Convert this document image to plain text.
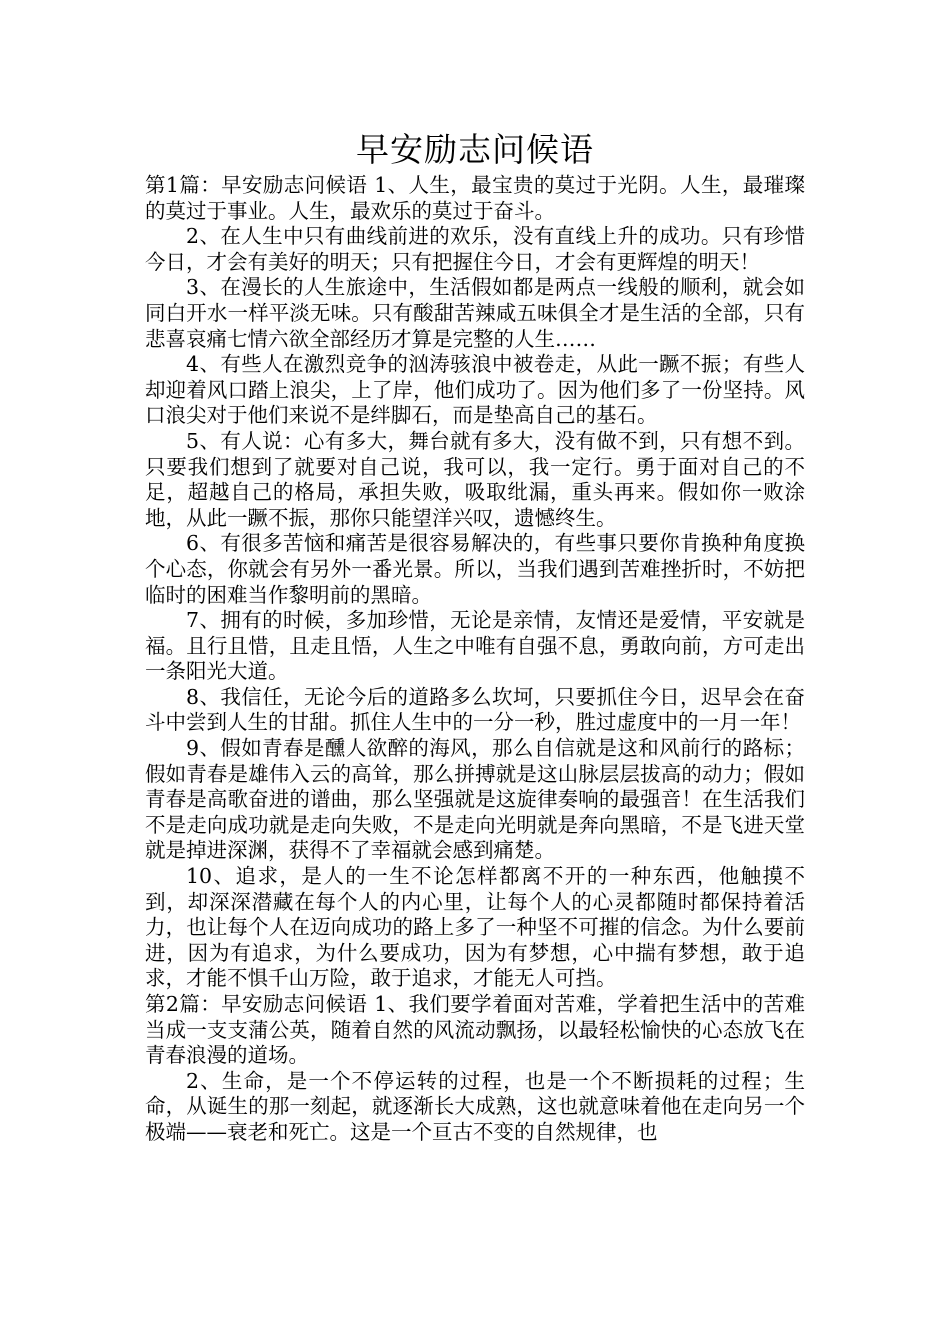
早安励志问候语

第1篇：早安励志问候语 1、人生，最宝贵的莫过于光阴。人生，最璀璨的莫过于事业。人生，最欢乐的莫过于奋斗。

2、在人生中只有曲线前进的欢乐，没有直线上升的成功。只有珍惜今日，才会有美好的明天；只有把握住今日，才会有更辉煌的明天！

3、在漫长的人生旅途中，生活假如都是两点一线般的顺利，就会如同白开水一样平淡无味。只有酸甜苦辣咸五味俱全才是生活的全部，只有悲喜哀痛七情六欲全部经历才算是完整的人生……

4、有些人在激烈竞争的汹涛骇浪中被卷走，从此一蹶不振；有些人却迎着风口踏上浪尖，上了岸，他们成功了。因为他们多了一份坚持。风口浪尖对于他们来说不是绊脚石，而是垫高自己的基石。

5、有人说：心有多大，舞台就有多大，没有做不到，只有想不到。只要我们想到了就要对自己说，我可以，我一定行。勇于面对自己的不足，超越自己的格局，承担失败，吸取纰漏，重头再来。假如你一败涂地，从此一蹶不振，那你只能望洋兴叹，遗憾终生。

6、有很多苦恼和痛苦是很容易解决的，有些事只要你肯换种角度换个心态，你就会有另外一番光景。所以，当我们遇到苦难挫折时，不妨把临时的困难当作黎明前的黑暗。

7、拥有的时候，多加珍惜，无论是亲情，友情还是爱情，平安就是福。且行且惜，且走且悟，人生之中唯有自强不息，勇敢向前，方可走出一条阳光大道。

8、我信任，无论今后的道路多么坎坷，只要抓住今日，迟早会在奋斗中尝到人生的甘甜。抓住人生中的一分一秒，胜过虚度中的一月一年！

9、假如青春是醺人欲醉的海风，那么自信就是这和风前行的路标；假如青春是雄伟入云的高耸，那么拼搏就是这山脉层层拔高的动力；假如青春是高歌奋进的谱曲，那么坚强就是这旋律奏响的最强音！在生活我们不是走向成功就是走向失败，不是走向光明就是奔向黑暗，不是飞进天堂就是掉进深渊，获得不了幸福就会感到痛楚。

10、追求，是人的一生不论怎样都离不开的一种东西，他触摸不到，却深深潜藏在每个人的内心里，让每个人的心灵都随时都保持着活力，也让每个人在迈向成功的路上多了一种坚不可摧的信念。为什么要前进，因为有追求，为什么要成功，因为有梦想，心中揣有梦想，敢于追求，才能不惧千山万险，敢于追求，才能无人可挡。

第2篇：早安励志问候语 1、我们要学着面对苦难，学着把生活中的苦难当成一支支蒲公英，随着自然的风流动飘扬，以最轻松愉快的心态放飞在青春浪漫的道场。

2、生命，是一个不停运转的过程，也是一个不断损耗的过程；生命，从诞生的那一刻起，就逐渐长大成熟，这也就意味着他在走向另一个极端——衰老和死亡。这是一个亘古不变的自然规律，也
